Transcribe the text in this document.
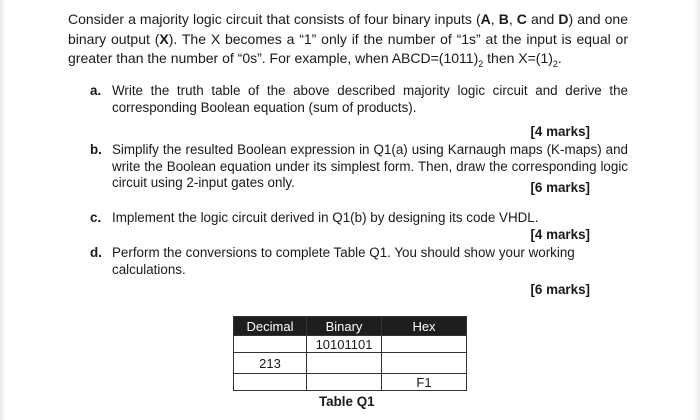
Consider a majority logic circuit that consists of four binary inputs (A, B, C and D) and one binary output (X). The X becomes a “1” only if the number of “1s” at the input is equal or greater than the number of “0s”. For example, when $ABCD=(1011)_2$ then $X=(1)_2$.

a. Write the truth table of the above described majority logic circuit and derive the corresponding Boolean equation (sum of products).
[4 marks]
b. Simplify the resulted Boolean expression in Q1(a) using Karnaugh maps (K-maps) and write the Boolean equation under its simplest form. Then, draw the corresponding logic circuit using 2-input gates only.	[6 marks]
c. Implement the logic circuit derived in Q1(b) by designing its code VHDL.
[4 marks]
d. Perform the conversions to complete Table Q1. You should show your working calculations.
[6 marks]
Decimal	Binary	Hex
	10101101	
213		
		F1
Table Q1
